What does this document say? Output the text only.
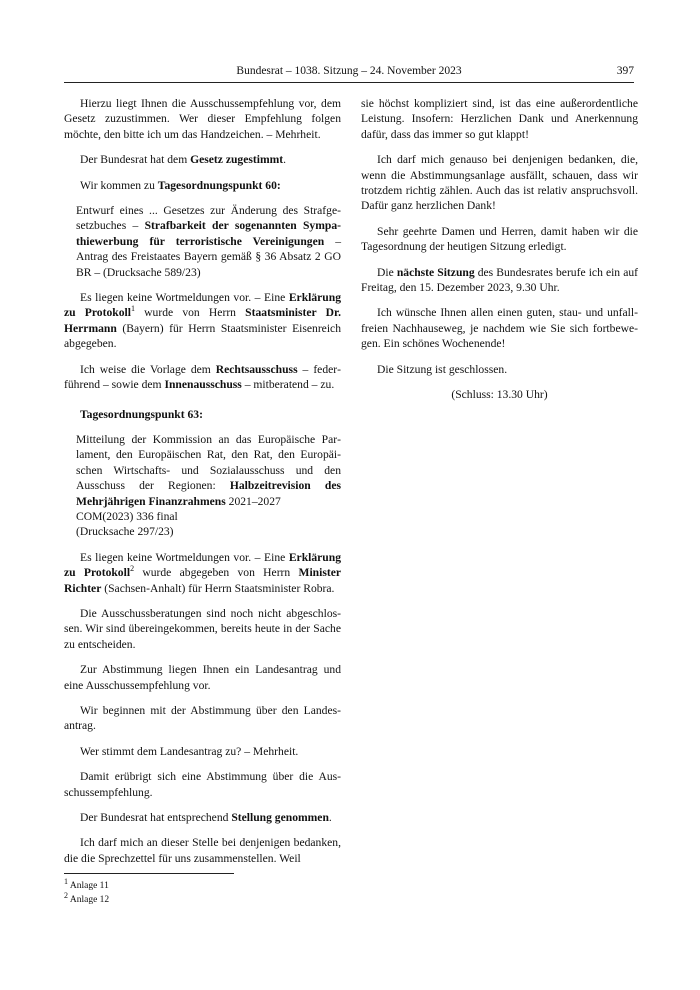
Bundesrat – 1038. Sitzung – 24. November 2023	397

Hierzu liegt Ihnen die Ausschussempfehlung vor, dem Gesetz zuzustimmen. Wer dieser Empfehlung folgen möchte, den bitte ich um das Handzeichen. – Mehrheit.

Der Bundesrat hat dem Gesetz zugestimmt.

Wir kommen zu Tagesordnungspunkt 60:

Entwurf eines ... Gesetzes zur Änderung des Strafgesetzbuches – Strafbarkeit der sogenannten Sympathiewerbung für terroristische Vereinigungen – Antrag des Freistaates Bayern gemäß § 36 Absatz 2 GO BR – (Drucksache 589/23)

Es liegen keine Wortmeldungen vor. – Eine Erklärung zu Protokoll$^1$ wurde von Herrn Staatsminister Dr. Herrmann (Bayern) für Herrn Staatsminister Eisenreich abgegeben.

Ich weise die Vorlage dem Rechtsausschuss – federführend – sowie dem Innenausschuss – mitberatend – zu.

Tagesordnungspunkt 63:
Mitteilung der Kommission an das Europäische Parlament, den Europäischen Rat, den Rat, den Europäischen Wirtschafts- und Sozialausschuss und den Ausschuss der Regionen: Halbzeitrevision des Mehrjährigen Finanzrahmens 2021–2027
COM(2023) 336 final
(Drucksache 297/23)

Es liegen keine Wortmeldungen vor. – Eine Erklärung zu Protokoll$^2$ wurde abgegeben von Herrn Minister Richter (Sachsen-Anhalt) für Herrn Staatsminister Robra.

Die Ausschussberatungen sind noch nicht abgeschlossen. Wir sind übereingekommen, bereits heute in der Sache zu entscheiden.

Zur Abstimmung liegen Ihnen ein Landesantrag und eine Ausschussempfehlung vor.

Wir beginnen mit der Abstimmung über den Landesantrag.

Wer stimmt dem Landesantrag zu? – Mehrheit.

Damit erübrigt sich eine Abstimmung über die Ausschussempfehlung.

Der Bundesrat hat entsprechend Stellung genommen.

Ich darf mich an dieser Stelle bei denjenigen bedanken, die die Sprechzettel für uns zusammenstellen. Weil

sie höchst kompliziert sind, ist das eine außerordentliche Leistung. Insofern: Herzlichen Dank und Anerkennung dafür, dass das immer so gut klappt!

Ich darf mich genauso bei denjenigen bedanken, die, wenn die Abstimmungsanlage ausfällt, schauen, dass wir trotzdem richtig zählen. Auch das ist relativ anspruchsvoll. Dafür ganz herzlichen Dank!

Sehr geehrte Damen und Herren, damit haben wir die Tagesordnung der heutigen Sitzung erledigt.

Die nächste Sitzung des Bundesrates berufe ich ein auf Freitag, den 15. Dezember 2023, 9.30 Uhr.

Ich wünsche Ihnen allen einen guten, stau- und unfallfreien Nachhauseweg, je nachdem wie Sie sich fortbewegen. Ein schönes Wochenende!

Die Sitzung ist geschlossen.

(Schluss: 13.30 Uhr)

$^1$ Anlage 11
$^2$ Anlage 12
